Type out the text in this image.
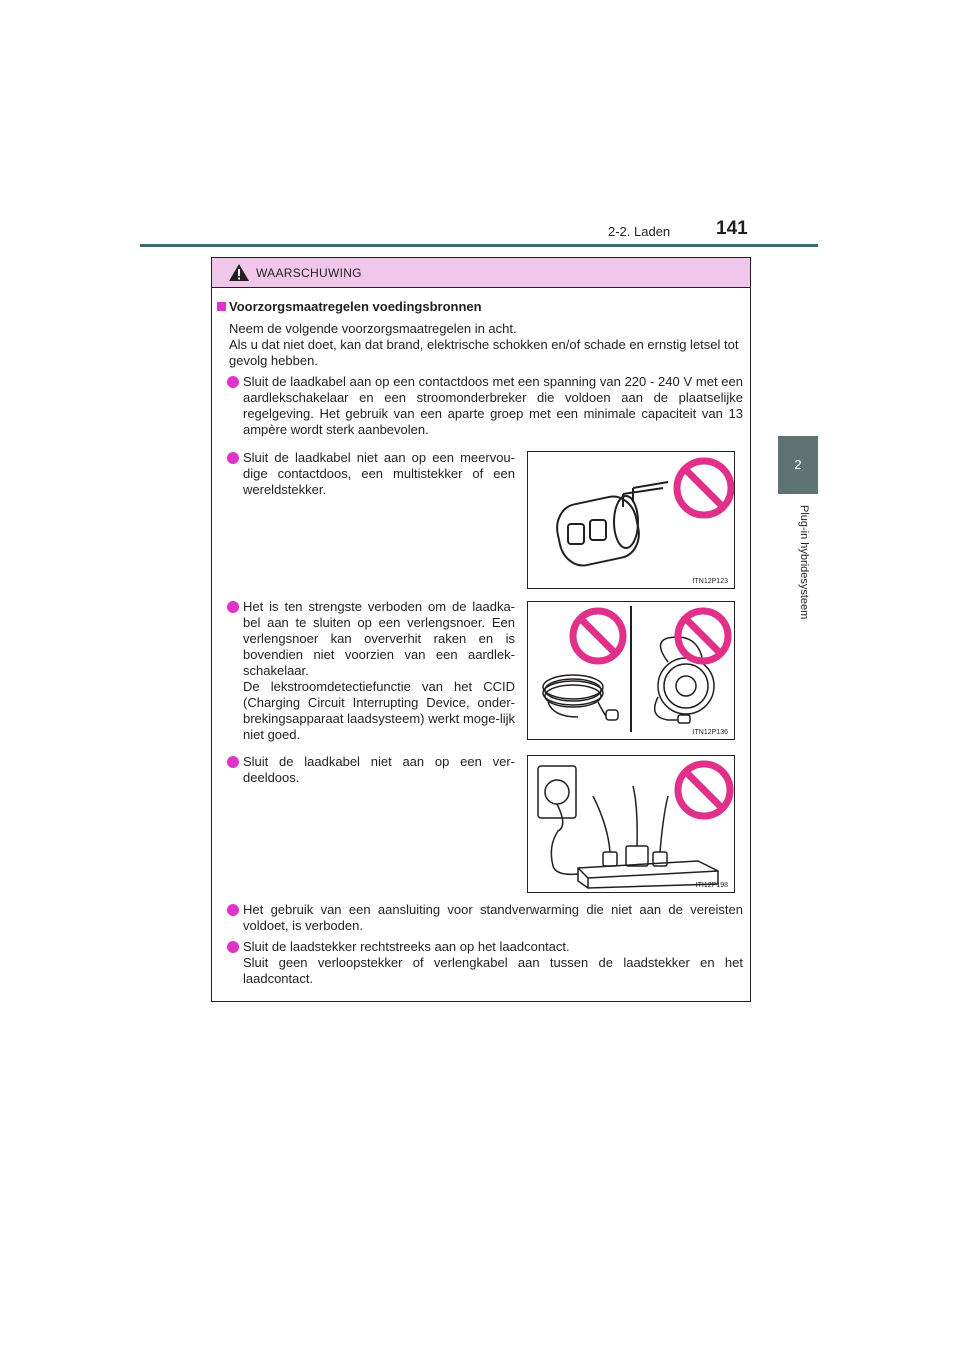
2-2. Laden 141
2
Plug-in hybridesysteem
WAARSCHUWING
Voorzorgsmaatregelen voedingsbronnen
Neem de volgende voorzorgsmaatregelen in acht.
Als u dat niet doet, kan dat brand, elektrische schokken en/of schade en ernstig letsel tot gevolg hebben.
Sluit de laadkabel aan op een contactdoos met een spanning van 220 - 240 V met een aardlekschakelaar en een stroomonderbreker die voldoen aan de plaatselijke regelgeving. Het gebruik van een aparte groep met een minimale capaciteit van 13 ampère wordt sterk aanbevolen.
Sluit de laadkabel niet aan op een meervou-dige contactdoos, een multistekker of een wereldstekker.
ITN12P123
Het is ten strengste verboden om de laadka-bel aan te sluiten op een verlengsnoer. Een verlengsnoer kan oververhit raken en is bovendien niet voorzien van een aardlek-schakelaar.
De lekstroomdetectiefunctie van het CCID (Charging Circuit Interrupting Device, onder-brekingsapparaat laadsysteem) werkt moge-lijk niet goed.	ITN12P136
Sluit de laadkabel niet aan op een ver-deeldoos.
ITI12P198
Het gebruik van een aansluiting voor standverwarming die niet aan de vereisten voldoet, is verboden.
Sluit de laadstekker rechtstreeks aan op het laadcontact.
Sluit geen verloopstekker of verlengkabel aan tussen de laadstekker en het laadcontact.
